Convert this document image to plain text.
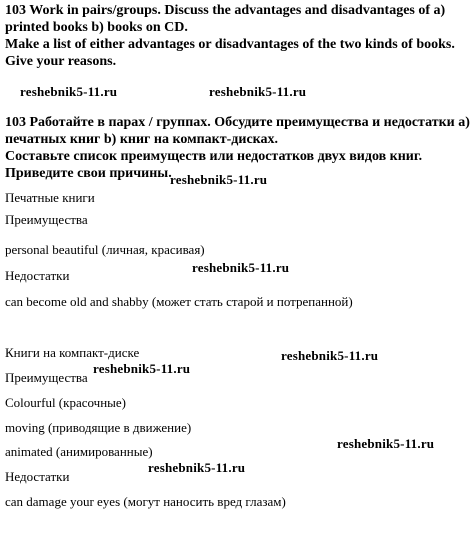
103 Work in pairs/groups. Discuss the advantages and disadvantages of a)
printed books b) books on CD.
Make a list of either advantages or disadvantages of the two kinds of books.
Give your reasons.
103 Работайте в парах / группах. Обсудите преимущества и недостатки а)
печатных книг b) книг на компакт-дисках.
Составьте список преимуществ или недостатков двух видов книг.
Приведите свои причины.
Печатные книги
Преимущества
personal beautiful (личная, красивая)
Недостатки
can become old and shabby (может стать старой и потрепанной)
Книги на компакт-диске
Преимущества
Colourful (красочные)
moving (приводящие в движение)
animated (анимированные)
Недостатки
can damage your eyes (могут наносить вред глазам)
reshebnik5-11.ru	reshebnik5-11.ru
reshebnik5-11.ru
reshebnik5-11.ru
reshebnik5-11.ru
reshebnik5-11.ru
reshebnik5-11.ru
reshebnik5-11.ru
